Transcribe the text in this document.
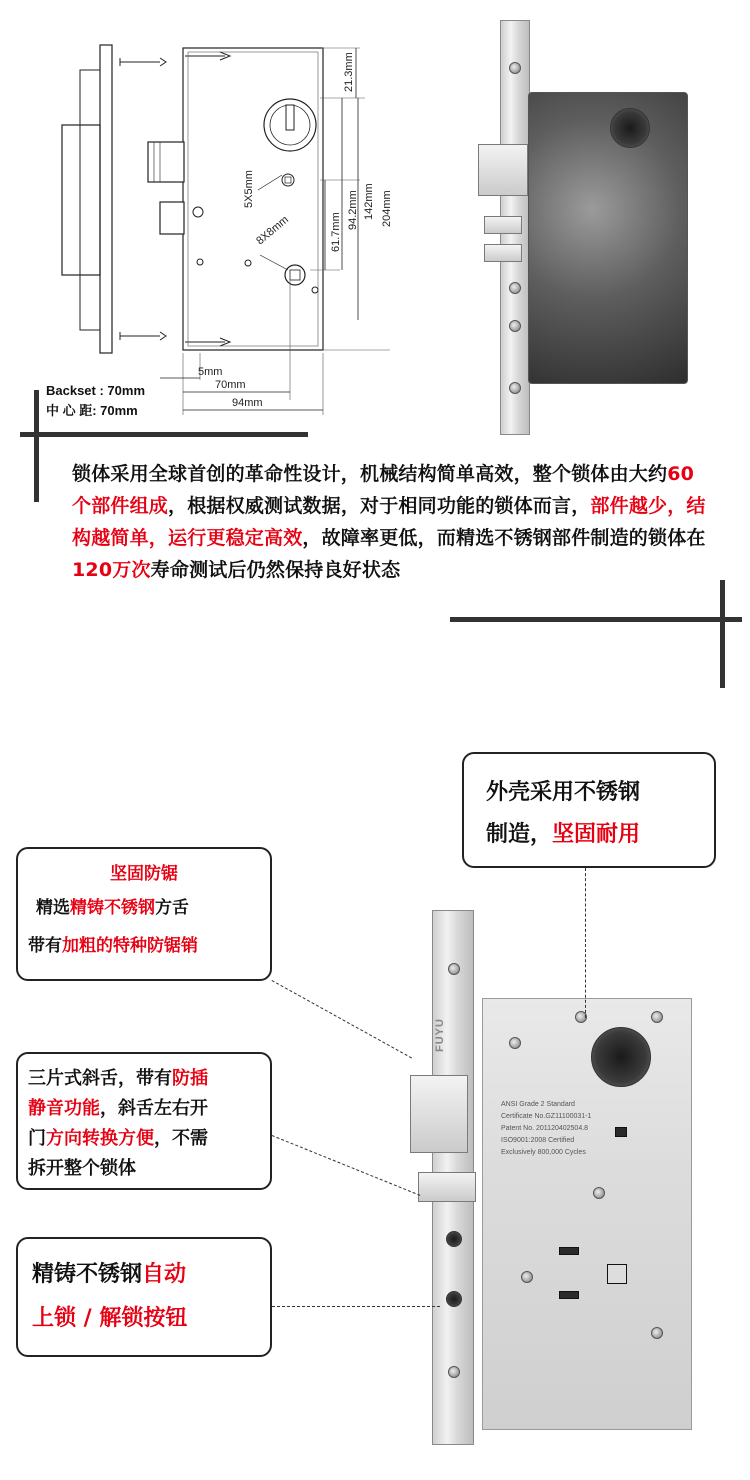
5X5mm
8X8mm
21.3mm
61.7mm
94.2mm 142mm 204mm
5mm
70mm
94mm
Backset : 70mm
中 心 距: 70mm
锁体采用全球首创的革命性设计，机械结构简单高效，整个锁体由大约60个部件组成，根据权威测试数据，对于相同功能的锁体而言，部件越少，结构越简单，运行更稳定高效，故障率更低，而精选不锈钢部件制造的锁体在120万次寿命测试后仍然保持良好状态
FUYU
ANSI Grade 2 Standard
Certificate No.GZ11100031-1
Patent No. 201120402504.8
ISO9001:2008 Certified
Exclusively 800,000 Cycles
外壳采用不锈钢
制造，坚固耐用
坚固防锯
精选精铸不锈钢方舌
带有加粗的特种防锯销
三片式斜舌，带有防插
静音功能，斜舌左右开
门方向转换方便，不需
拆开整个锁体
精铸不锈钢自动
上锁 / 解锁按钮
